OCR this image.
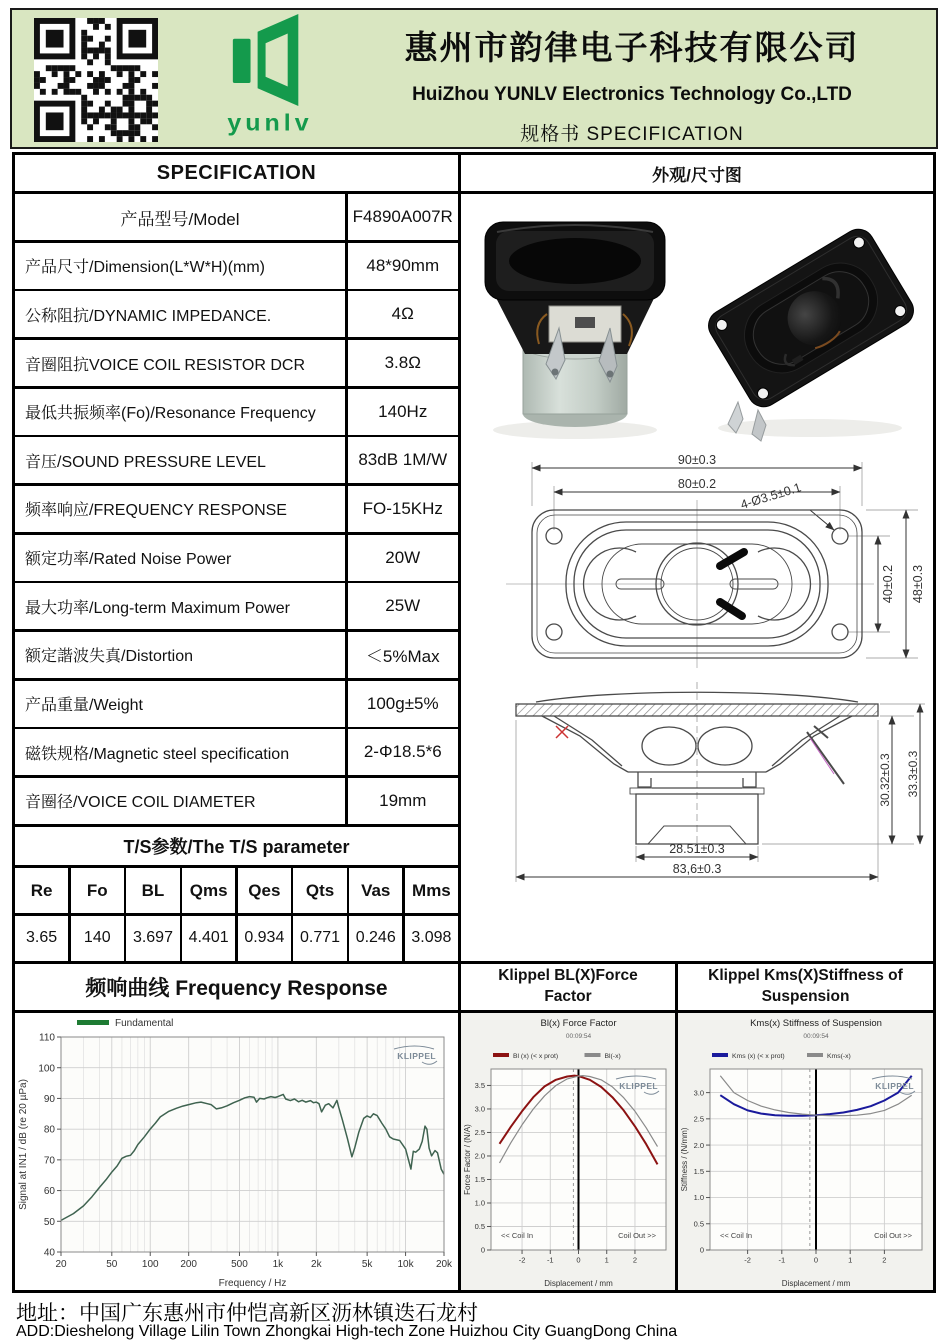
yunlv
惠州市韵律电子科技有限公司
HuiZhou YUNLV Electronics Technology Co.,LTD
规格书 SPECIFICATION
SPECIFICATION	外观/尺寸图
产品型号/Model	F4890A007R
产品尺寸/Dimension(L*W*H)(mm)	48*90mm
公称阻抗/DYNAMIC IMPEDANCE.	4Ω
音圈阻抗VOICE COIL RESISTOR DCR	3.8Ω
最低共振频率(Fo)/Resonance Frequency	140Hz
音压/SOUND PRESSURE LEVEL	83dB 1M/W
频率响应/FREQUENCY RESPONSE	FO-15KHz
额定功率/Rated Noise Power	20W
最大功率/Long-term Maximum Power	25W
额定諧波失真/Distortion	＜5%Max
产品重量/Weight	100g±5%
磁铁规格/Magnetic steel specification	2-Φ18.5*6
音圈径/VOICE COIL DIAMETER	19mm
T/S参数/The T/S parameter
Re	Fo	BL	Qms	Qes	Qts	Vas	Mms
3.65	140	3.697 4.401 0.934 0.771 0.246 3.098
频响曲线 Frequency Response
20	50 100 200	500 1k	2k	5k	10k 20k
40
50
60
70
80
90
100
110
Frequency / Hz
Signal at IN1 / dB (re 20 µPa)
Fundamental
KLIPPEL
90±0.3
80±0.2 4-Ø3.5±0.1
40±0.2 48±0.3
30.32±0.3 33.3±0.3
28.51±0.3
83,6±0.3
Klippel BL(X)Force
Factor
Klippel Kms(X)Stiffness of
Suspension
-2	-1	0	1	2
0
0.5
1.0
1.5
2.0
2.5
3.0
3.5
Displacement / mm
Force Factor / (N/A)
Bl(x) Force Factor
00:09:54
Bl (x) (< x prot)	Bl(-x)
<< Coil In	Coil Out >>
KLIPPEL
-2	-1	0	1	2
0
0.5
1.0
1.5
2.0
2.5
3.0
Displacement / mm
Stiffness / (N/mm)
Kms(x) Stiffness of Suspension
00:09:54
Kms (x) (< x prot)	Kms(-x)
<< Coil In	Coil Out >>
KLIPPEL
地址：中国广东惠州市仲恺高新区沥林镇迭石龙村
ADD:Dieshelong Village Lilin Town Zhongkai High-tech Zone Huizhou City GuangDong China
